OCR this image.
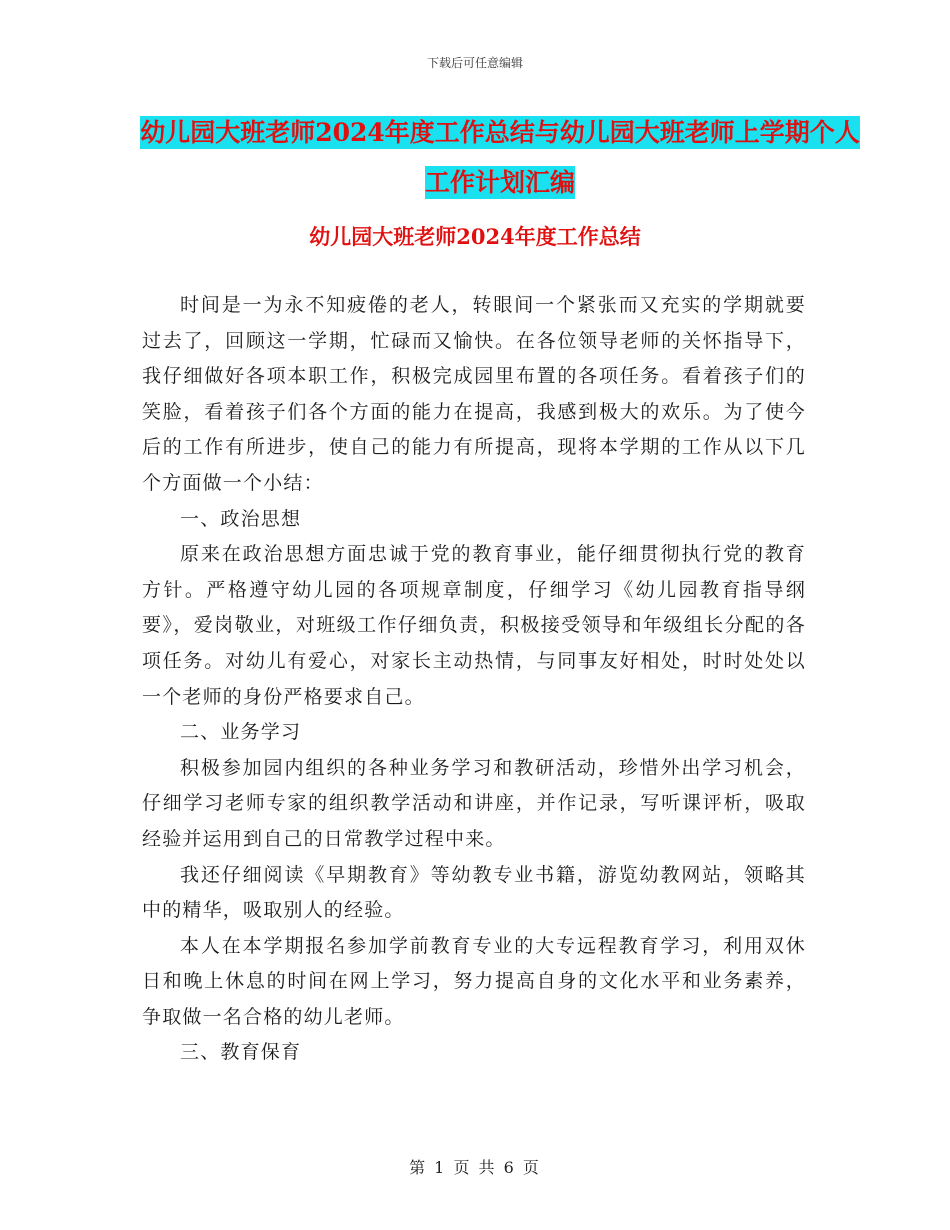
下载后可任意编辑
幼儿园大班老师2024年度工作总结与幼儿园大班老师上学期个人工作计划汇编
幼儿园大班老师2024年度工作总结

时间是一为永不知疲倦的老人，转眼间一个紧张而又充实的学期就要过去了，回顾这一学期，忙碌而又愉快。在各位领导老师的关怀指导下，我仔细做好各项本职工作，积极完成园里布置的各项任务。看着孩子们的笑脸，看着孩子们各个方面的能力在提高，我感到极大的欢乐。为了使今后的工作有所进步，使自己的能力有所提高，现将本学期的工作从以下几个方面做一个小结：

一、政治思想

原来在政治思想方面忠诚于党的教育事业，能仔细贯彻执行党的教育方针。严格遵守幼儿园的各项规章制度，仔细学习《幼儿园教育指导纲要》，爱岗敬业，对班级工作仔细负责，积极接受领导和年级组长分配的各项任务。对幼儿有爱心，对家长主动热情，与同事友好相处，时时处处以一个老师的身份严格要求自己。

二、业务学习

积极参加园内组织的各种业务学习和教研活动，珍惜外出学习机会，仔细学习老师专家的组织教学活动和讲座，并作记录，写听课评析，吸取经验并运用到自己的日常教学过程中来。

我还仔细阅读《早期教育》等幼教专业书籍，游览幼教网站，领略其中的精华，吸取别人的经验。

本人在本学期报名参加学前教育专业的大专远程教育学习，利用双休日和晚上休息的时间在网上学习，努力提高自身的文化水平和业务素养，争取做一名合格的幼儿老师。

三、教育保育

第 1 页 共 6 页
